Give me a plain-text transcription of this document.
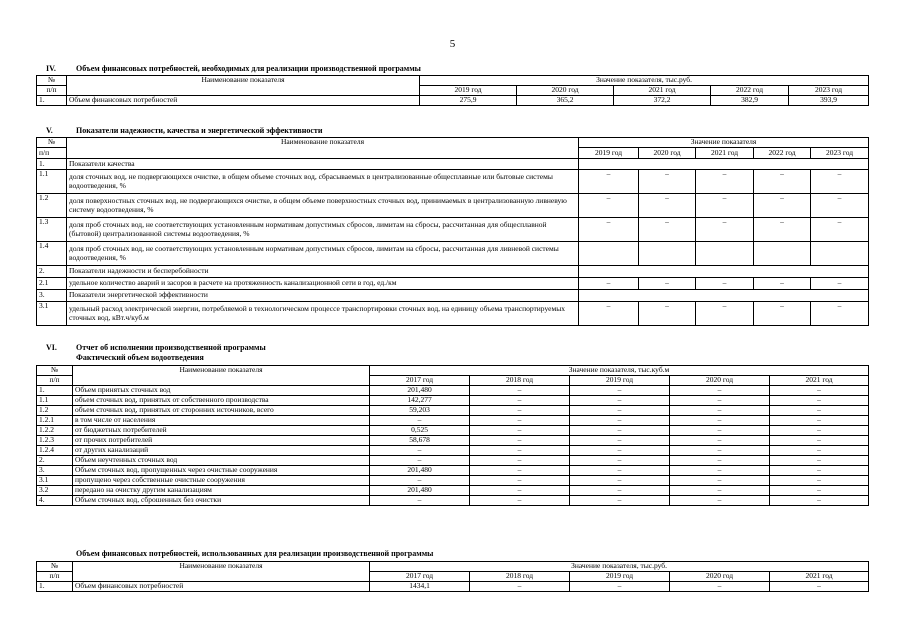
5
IV.	Объем финансовых потребностей, необходимых для реализации производственной программы
№	Наименование показателя	Значение показателя, тыс.руб.				
п/п		2019 год	2020 год	2021 год	2022 год	2023 год
1.	Объем финансовых потребностей	275,9	365,2	372,2	382,9	393,9
V.	Показатели надежности, качества и энергетической эффективности
№	Наименование показателя	Значение показателя				
п/п		2019 год	2020 год	2021 год	2022 год	2023 год
1.	Показатели качества					
1.1	доля сточных вод, не подвергающихся очистке, в общем объеме сточных вод, сбрасываемых в централизованные общесплавные или бытовые системы водоотведения, %	–	–	–	–	–
1.2	доля поверхностных сточных вод, не подвергающихся очистке, в общем объеме поверхностных сточных вод, принимаемых в централизованную ливневую систему водоотведения, %	–	–	–	–	–
1.3	доля проб сточных вод, не соответствующих установленным нормативам допустимых сбросов, лимитам на сбросы, рассчитанная для общесплавной (бытовой) централизованной системы водоотведения, %	–	–	–	–	–
1.4	доля проб сточных вод, не соответствующих установленным нормативам допустимых сбросов, лимитам на сбросы, рассчитанная для ливневой системы водоотведения, %					
2.	Показатели надежности и бесперебойности					
2.1	удельное количество аварий и засоров в расчете на протяженность канализационной сети в год, ед./км	–	–	–	–	–
3.	Показатели энергетической эффективности					
3.1	удельный расход электрической энергии, потребляемой в технологическом процессе транспортировки сточных вод, на единицу объема транспортируемых сточных вод, кВт.ч/куб.м	–	–	–	–	–
VI. Отчет об исполнении производственной программы
Фактический объем водоотведения
№	Наименование показателя	Значение показателя, тыс.куб.м				
п/п		2017 год	2018 год	2019 год	2020 год	2021 год
1.	Объем принятых сточных вод	201,480	–	–	–	–
1.1	объем сточных вод, принятых от собственного производства	142,277	–	–	–	–
1.2	объем сточных вод, принятых от сторонних источников, всего	59,203	–	–	–	–
1.2.1	в том числе от населения	–	–	–	–	–
1.2.2	от бюджетных потребителей	0,525	–	–	–	–
1.2.3	от прочих потребителей	58,678	–	–	–	–
1.2.4	от других канализаций	–	–	–	–	–
2.	Объем неучтенных сточных вод	–	–	–	–	–
3.	Объем сточных вод, пропущенных через очистные сооружения	201,480	–	–	–	–
3.1	пропущено через собственные очистные сооружения	–	–	–	–	–
3.2	передано на очистку другим канализациям	201,480	–	–	–	–
4.	Объем сточных вод, сброшенных без очистки	–	–	–	–	–
Объем финансовых потребностей, использованных для реализации производственной программы
№	Наименование показателя	Значение показателя, тыс.руб.				
п/п		2017 год	2018 год	2019 год	2020 год	2021 год
1.	Объем финансовых потребностей	1434,1	–	–	–	–
